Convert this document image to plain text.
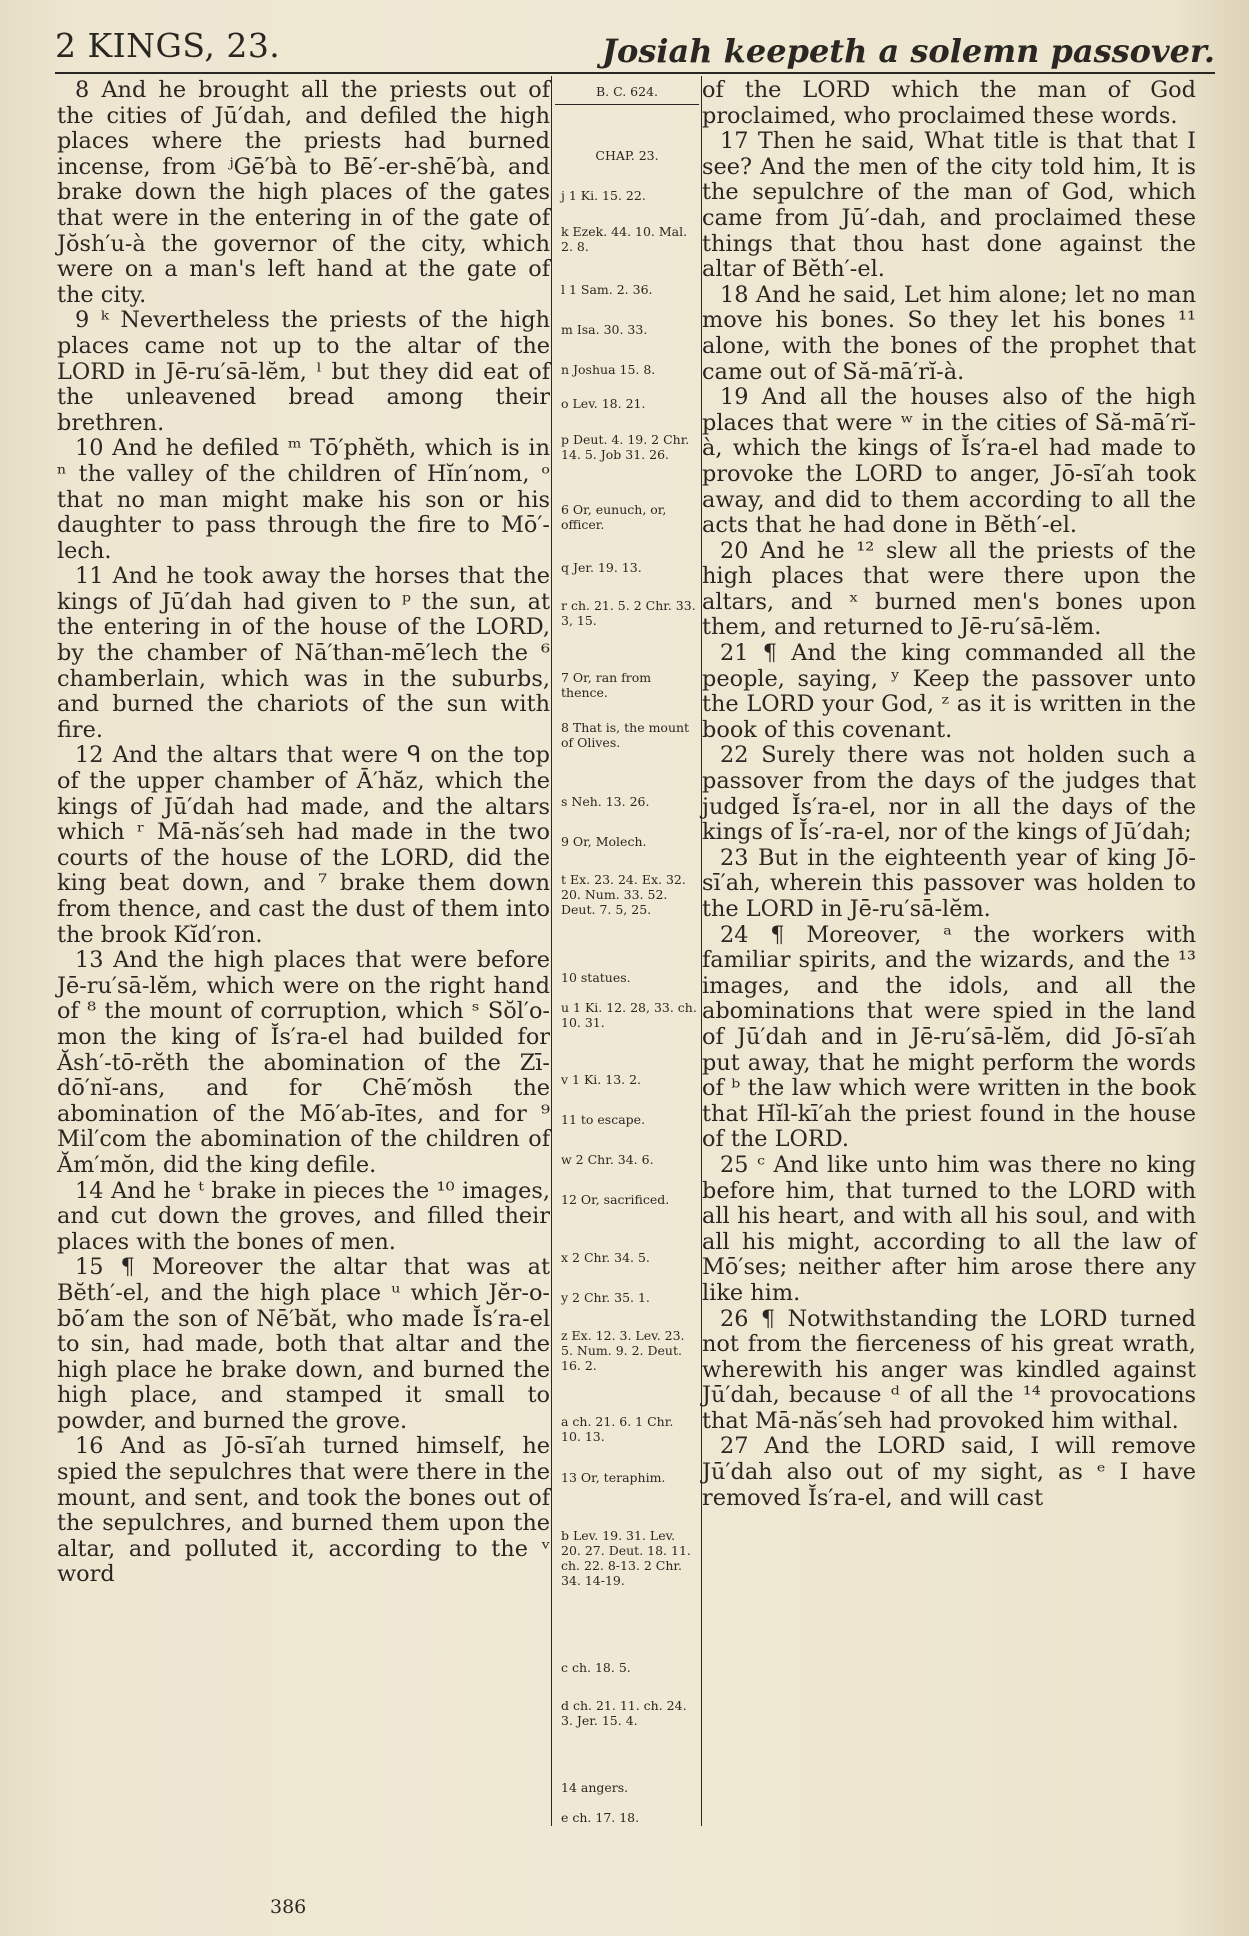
2 KINGS, 23.	Josiah keepeth a solemn passover.

8 And he brought all the priests out of the cities of Jū′dah, and defiled the high places where the priests had burned incense, from ʲGē′bà to Bē′-er-shē′bà, and brake down the high places of the gates that were in the entering in of the gate of Jŏsh′u-à the governor of the city, which were on a man's left hand at the gate of the city.

9 ᵏ Nevertheless the priests of the high places came not up to the altar of the LORD in Jē-ru′sā-lĕm, ˡ but they did eat of the unleavened bread among their brethren.

10 And he defiled ᵐ Tō′phĕth, which is in ⁿ the valley of the children of Hĭn′nom, ᵒ that no man might make his son or his daughter to pass through the fire to Mō′-lech.

11 And he took away the horses that the kings of Jū′dah had given to ᵖ the sun, at the entering in of the house of the LORD, by the chamber of Nā′than-mē′lech the ⁶ chamberlain, which was in the suburbs, and burned the chariots of the sun with fire.

12 And the altars that were ᑫ on the top of the upper chamber of Ā′hăz, which the kings of Jū′dah had made, and the altars which ʳ Mā-năs′seh had made in the two courts of the house of the LORD, did the king beat down, and ⁷ brake them down from thence, and cast the dust of them into the brook Kĭd′ron.

13 And the high places that were before Jē-ru′sā-lĕm, which were on the right hand of ⁸ the mount of corruption, which ˢ Sŏl′o-mon the king of Ĭs′ra-el had builded for Ăsh′-tō-rĕth the abomination of the Zī-dō′nĭ-ans, and for Chē′mŏsh the abomination of the Mō′ab-ītes, and for ⁹ Mil′com the abomination of the children of Ăm′mŏn, did the king defile.

14 And he ᵗ brake in pieces the ¹⁰ images, and cut down the groves, and filled their places with the bones of men.

15 ¶ Moreover the altar that was at Bĕth′-el, and the high place ᵘ which Jĕr-o-bō′am the son of Nē′băt, who made Ĭs′ra-el to sin, had made, both that altar and the high place he brake down, and burned the high place, and stamped it small to powder, and burned the grove.

16 And as Jō-sī′ah turned himself, he spied the sepulchres that were there in the mount, and sent, and took the bones out of the sepulchres, and burned them upon the altar, and polluted it, according to the ᵛ word

B. C. 624.
CHAP. 23.
j 1 Ki. 15. 22.
k Ezek. 44. 10. Mal. 2. 8.
l 1 Sam. 2. 36.
m Isa. 30. 33.
n Joshua 15. 8.
o Lev. 18. 21.
p Deut. 4. 19. 2 Chr. 14. 5. Job 31. 26.
6 Or, eunuch, or, officer.
q Jer. 19. 13.
r ch. 21. 5. 2 Chr. 33. 3, 15.
7 Or, ran from thence.
8 That is, the mount of Olives.
s Neh. 13. 26.
9 Or, Molech.
t Ex. 23. 24. Ex. 32. 20. Num. 33. 52. Deut. 7. 5, 25.
10 statues.
u 1 Ki. 12. 28, 33. ch. 10. 31.
v 1 Ki. 13. 2.
11 to escape.
w 2 Chr. 34. 6.
12 Or, sacrificed.
x 2 Chr. 34. 5.
y 2 Chr. 35. 1.
z Ex. 12. 3. Lev. 23. 5. Num. 9. 2. Deut. 16. 2.
a ch. 21. 6. 1 Chr. 10. 13.
13 Or, teraphim.
b Lev. 19. 31. Lev. 20. 27. Deut. 18. 11. ch. 22. 8-13. 2 Chr. 34. 14-19.
c ch. 18. 5.
d ch. 21. 11. ch. 24. 3. Jer. 15. 4.
14 angers.
e ch. 17. 18.

of the LORD which the man of God proclaimed, who proclaimed these words.

17 Then he said, What title is that that I see? And the men of the city told him, It is the sepulchre of the man of God, which came from Jū′-dah, and proclaimed these things that thou hast done against the altar of Bĕth′-el.

18 And he said, Let him alone; let no man move his bones. So they let his bones ¹¹ alone, with the bones of the prophet that came out of Să-mā′rĭ-à.

19 And all the houses also of the high places that were ʷ in the cities of Să-mā′rĭ-à, which the kings of Ĭs′ra-el had made to provoke the LORD to anger, Jō-sī′ah took away, and did to them according to all the acts that he had done in Bĕth′-el.

20 And he ¹² slew all the priests of the high places that were there upon the altars, and ˣ burned men's bones upon them, and returned to Jē-ru′sā-lĕm.

21 ¶ And the king commanded all the people, saying, ʸ Keep the passover unto the LORD your God, ᶻ as it is written in the book of this covenant.

22 Surely there was not holden such a passover from the days of the judges that judged Ĭs′ra-el, nor in all the days of the kings of Ĭs′-ra-el, nor of the kings of Jū′dah;

23 But in the eighteenth year of king Jō-sī′ah, wherein this passover was holden to the LORD in Jē-ru′sā-lĕm.

24 ¶ Moreover, ᵃ the workers with familiar spirits, and the wizards, and the ¹³ images, and the idols, and all the abominations that were spied in the land of Jū′dah and in Jē-ru′sā-lĕm, did Jō-sī′ah put away, that he might perform the words of ᵇ the law which were written in the book that Hĭl-kī′ah the priest found in the house of the LORD.

25 ᶜ And like unto him was there no king before him, that turned to the LORD with all his heart, and with all his soul, and with all his might, according to all the law of Mō′ses; neither after him arose there any like him.

26 ¶ Notwithstanding the LORD turned not from the fierceness of his great wrath, wherewith his anger was kindled against Jū′dah, because ᵈ of all the ¹⁴ provocations that Mā-năs′seh had provoked him withal.

27 And the LORD said, I will remove Jū′dah also out of my sight, as ᵉ I have removed Ĭs′ra-el, and will cast

386
